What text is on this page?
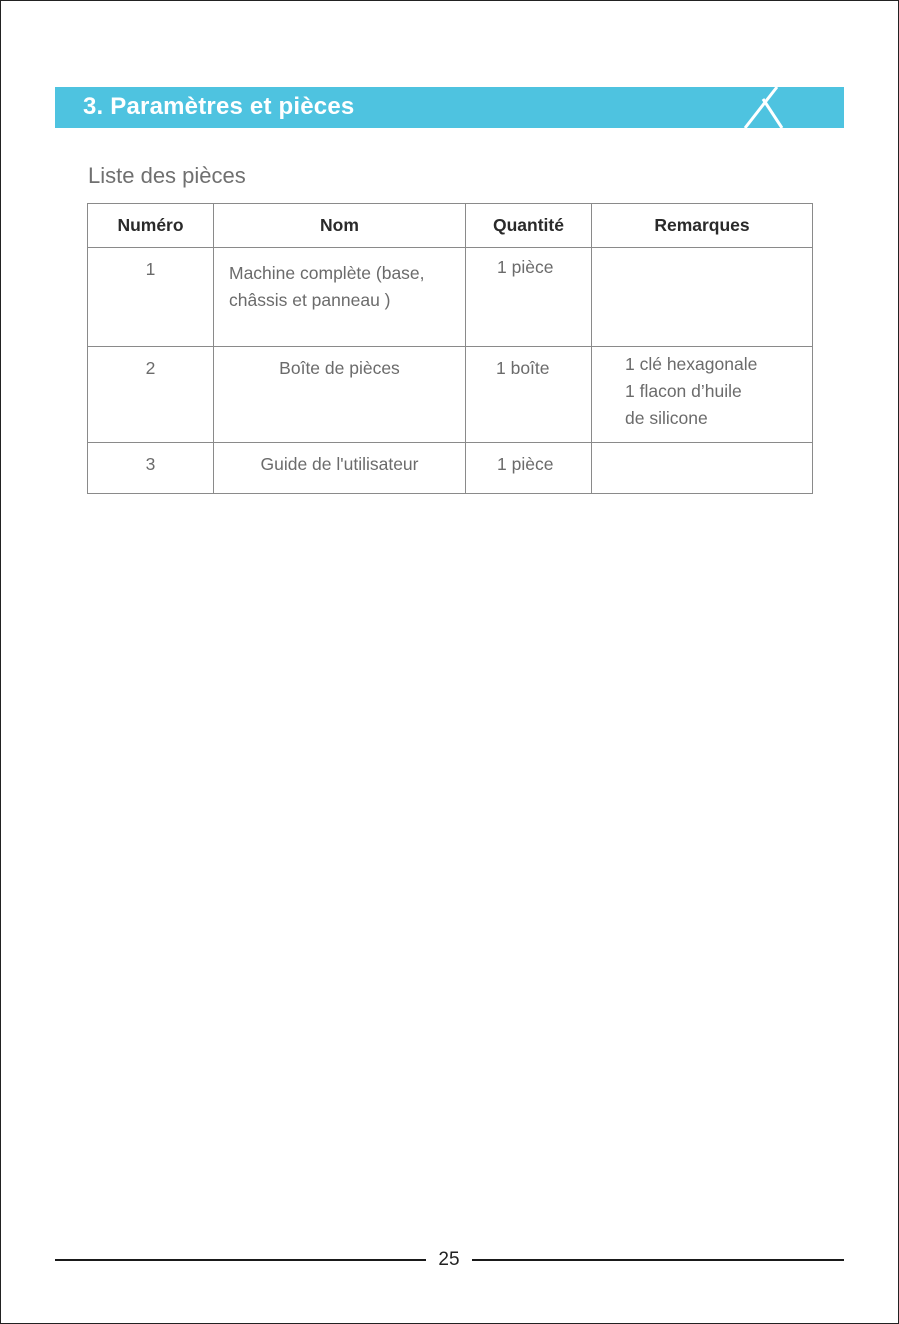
3. Paramètres et pièces
Liste des pièces
Numéro	Nom	Quantité	Remarques
1	Machine complète (base,
châssis et panneau )	1 pièce	
2	Boîte de pièces	1 boîte	1 clé hexagonale
1 flacon d’huile
de silicone

3	Guide de l'utilisateur	1 pièce	
25
